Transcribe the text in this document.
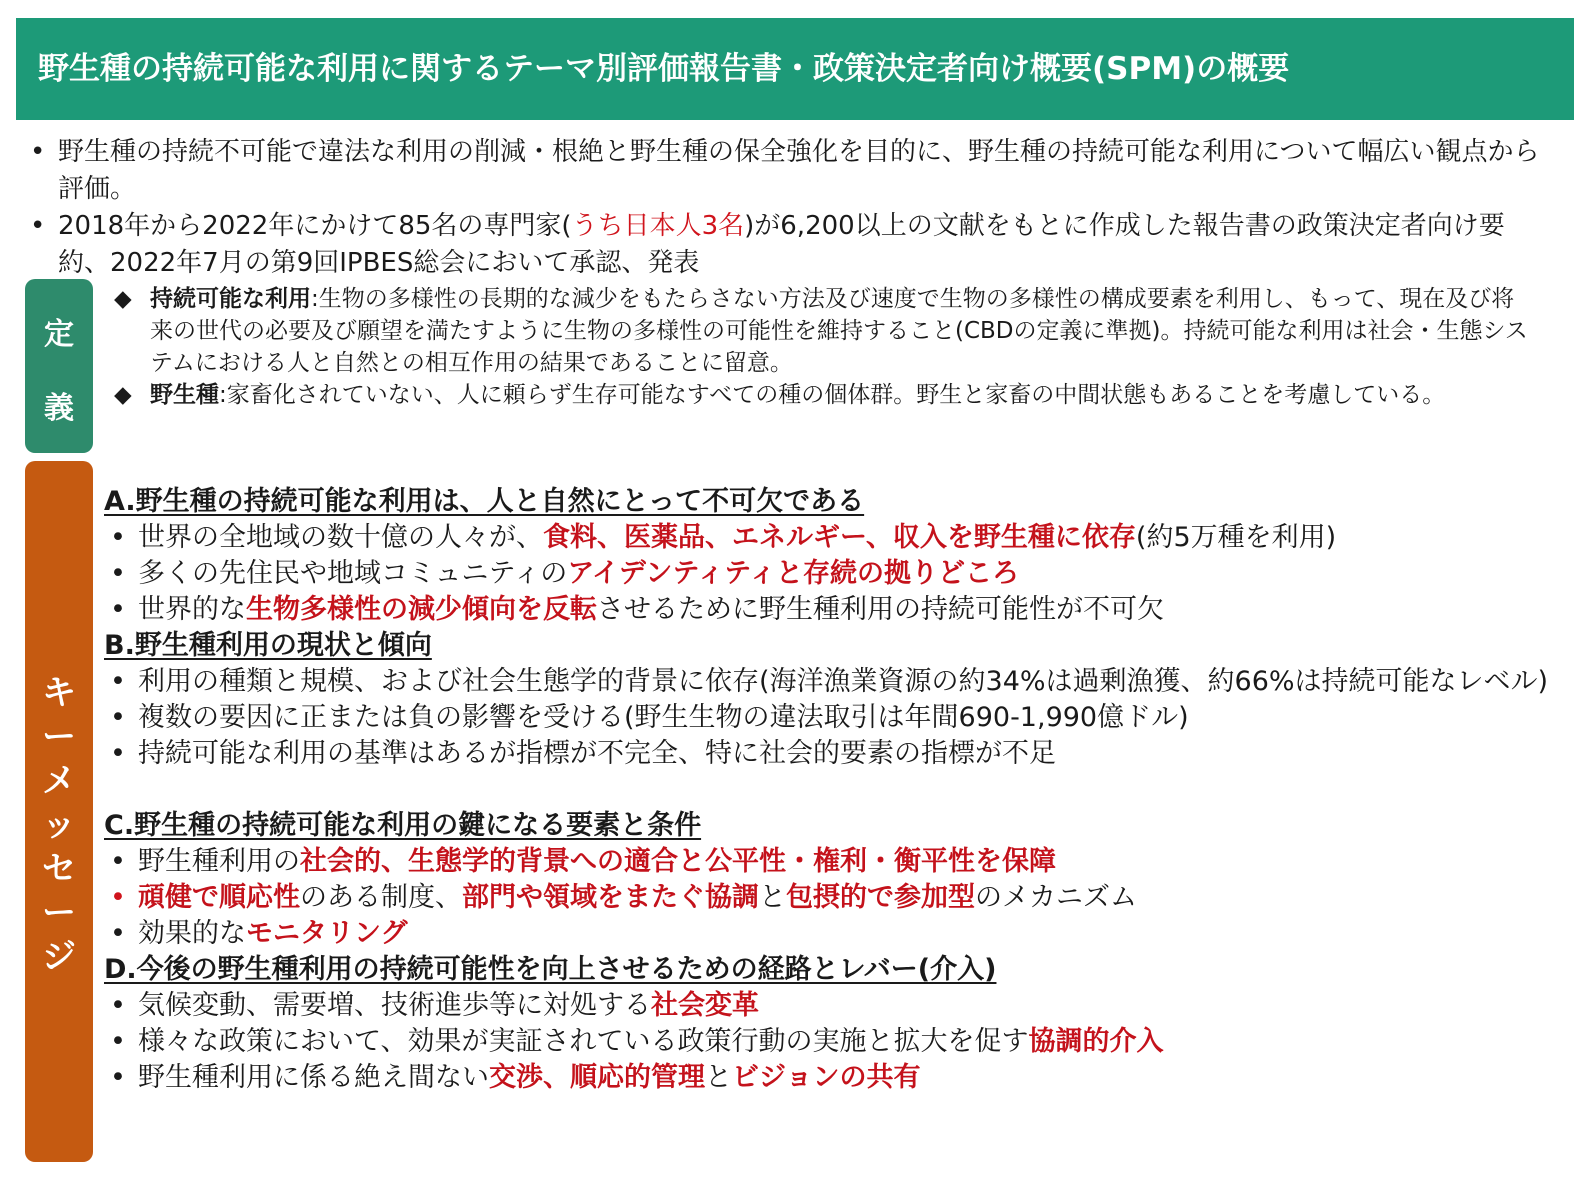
野生種の持続可能な利用に関するテーマ別評価報告書・政策決定者向け概要(SPM)の概要
• 野生種の持続不可能で違法な利用の削減・根絶と野生種の保全強化を目的に、野生種の持続可能な利用について幅広い観点から評価。
• 2018年から2022年にかけて85名の専門家(うち日本人3名)が6,200以上の文献をもとに作成した報告書の政策決定者向け要約、2022年7月の第9回IPBES総会において承認、発表
定
義
◆ 持続可能な利用:生物の多様性の長期的な減少をもたらさない方法及び速度で生物の多様性の構成要素を利用し、もって、現在及び将来の世代の必要及び願望を満たすように生物の多様性の可能性を維持すること(CBDの定義に準拠)。持続可能な利用は社会・生態システムにおける人と自然との相互作用の結果であることに留意。
◆ 野生種:家畜化されていない、人に頼らず生存可能なすべての種の個体群。野生と家畜の中間状態もあることを考慮している。
キ
ー
メ
ッ
セ
ー
ジ
A.野生種の持続可能な利用は、人と自然にとって不可欠である
• 世界の全地域の数十億の人々が、食料、医薬品、エネルギー、収入を野生種に依存(約5万種を利用)
• 多くの先住民や地域コミュニティのアイデンティティと存続の拠りどころ
• 世界的な生物多様性の減少傾向を反転させるために野生種利用の持続可能性が不可欠
B.野生種利用の現状と傾向
• 利用の種類と規模、および社会生態学的背景に依存(海洋漁業資源の約34%は過剰漁獲、約66%は持続可能なレベル)
• 複数の要因に正または負の影響を受ける(野生生物の違法取引は年間690-1,990億ドル)
• 持続可能な利用の基準はあるが指標が不完全、特に社会的要素の指標が不足
C.野生種の持続可能な利用の鍵になる要素と条件
• 野生種利用の社会的、生態学的背景への適合と公平性・権利・衡平性を保障
• 頑健で順応性のある制度、部門や領域をまたぐ協調と包摂的で参加型のメカニズム
• 効果的なモニタリング
D.今後の野生種利用の持続可能性を向上させるための経路とレバー(介入)
• 気候変動、需要増、技術進歩等に対処する社会変革
• 様々な政策において、効果が実証されている政策行動の実施と拡大を促す協調的介入
• 野生種利用に係る絶え間ない交渉、順応的管理とビジョンの共有
